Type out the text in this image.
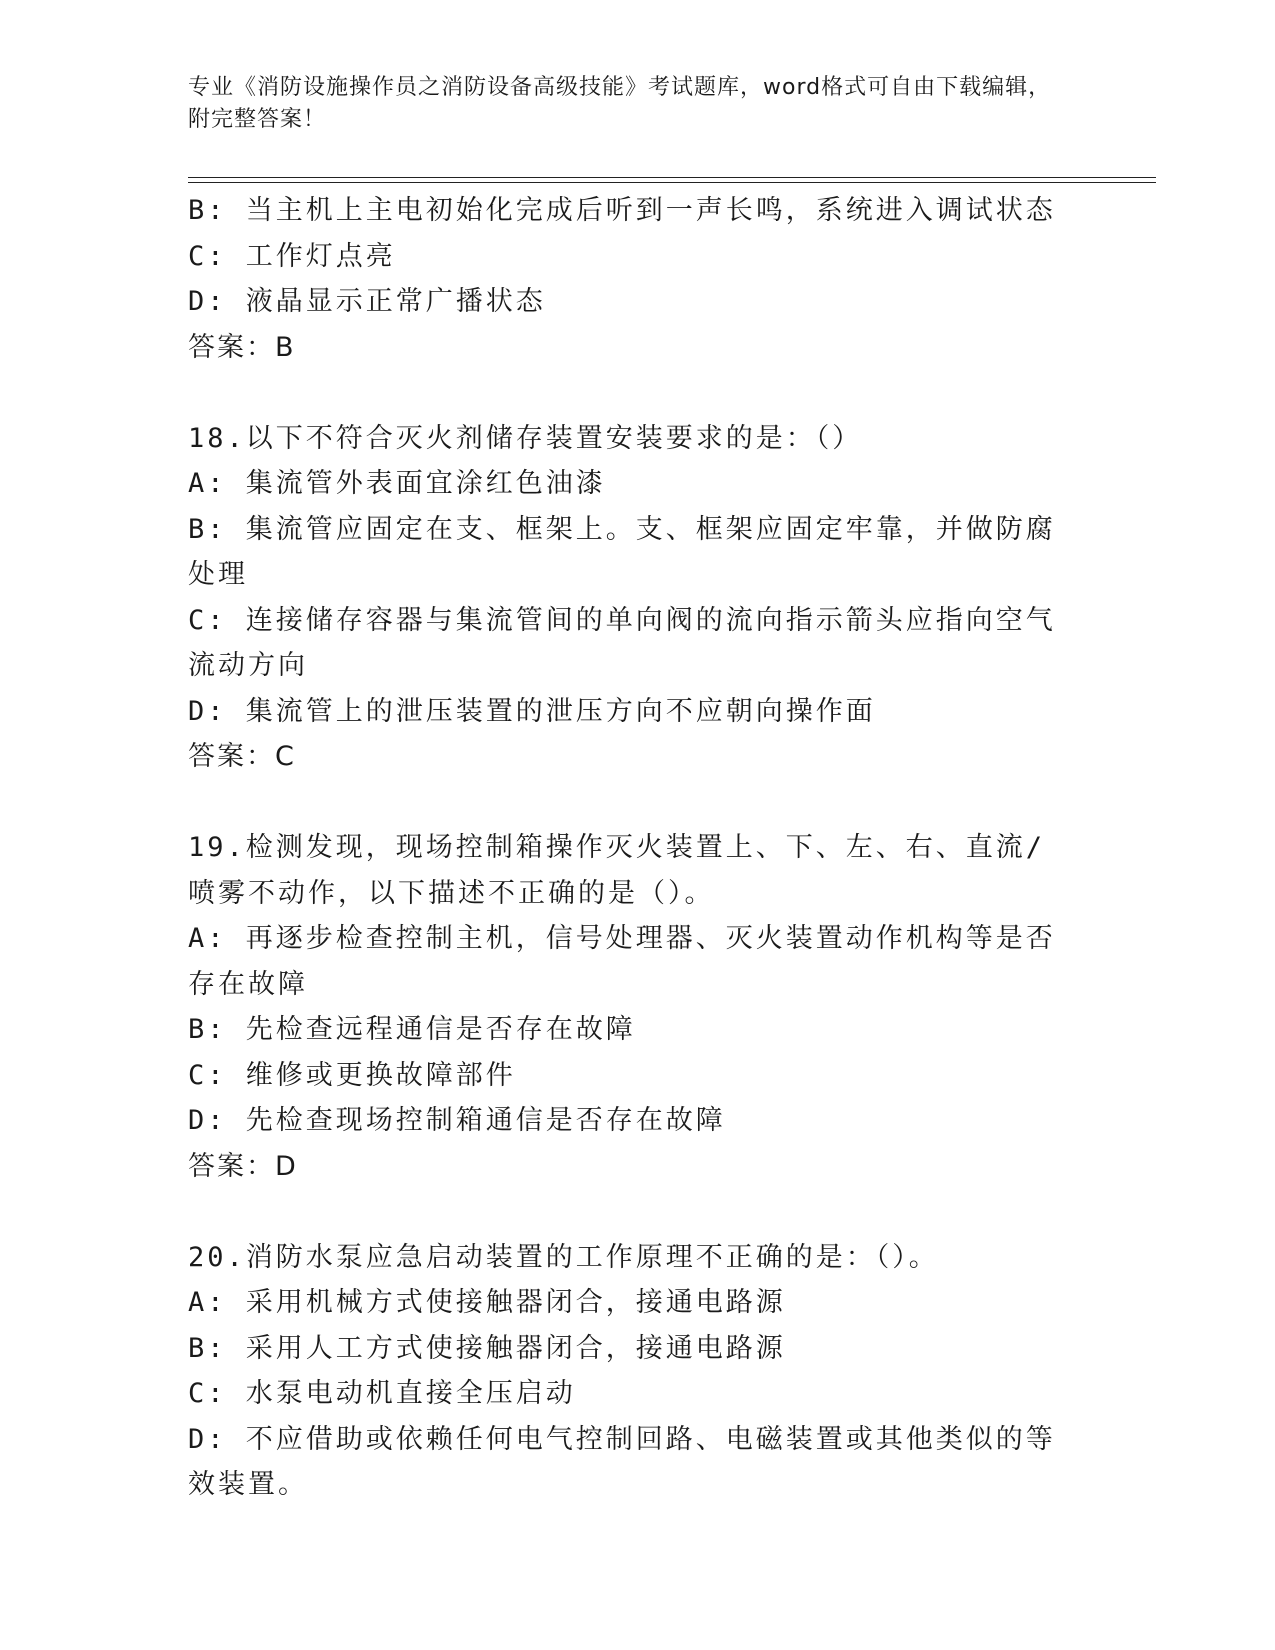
专业《消防设施操作员之消防设备高级技能》考试题库，word格式可自由下载编辑，附完整答案！

B: 当主机上主电初始化完成后听到一声长鸣，系统进入调试状态

C: 工作灯点亮

D: 液晶显示正常广播状态

答案：B

18.以下不符合灭火剂储存装置安装要求的是：（）

A: 集流管外表面宜涂红色油漆

B: 集流管应固定在支、框架上。支、框架应固定牢靠，并做防腐处理

C: 连接储存容器与集流管间的单向阀的流向指示箭头应指向空气流动方向

D: 集流管上的泄压装置的泄压方向不应朝向操作面

答案：C

19.检测发现，现场控制箱操作灭火装置上、下、左、右、直流/喷雾不动作，以下描述不正确的是（）。

A: 再逐步检查控制主机，信号处理器、灭火装置动作机构等是否存在故障

B: 先检查远程通信是否存在故障

C: 维修或更换故障部件

D: 先检查现场控制箱通信是否存在故障

答案：D

20.消防水泵应急启动装置的工作原理不正确的是：（）。

A: 采用机械方式使接触器闭合，接通电路源

B: 采用人工方式使接触器闭合，接通电路源

C: 水泵电动机直接全压启动

D: 不应借助或依赖任何电气控制回路、电磁装置或其他类似的等效装置。
